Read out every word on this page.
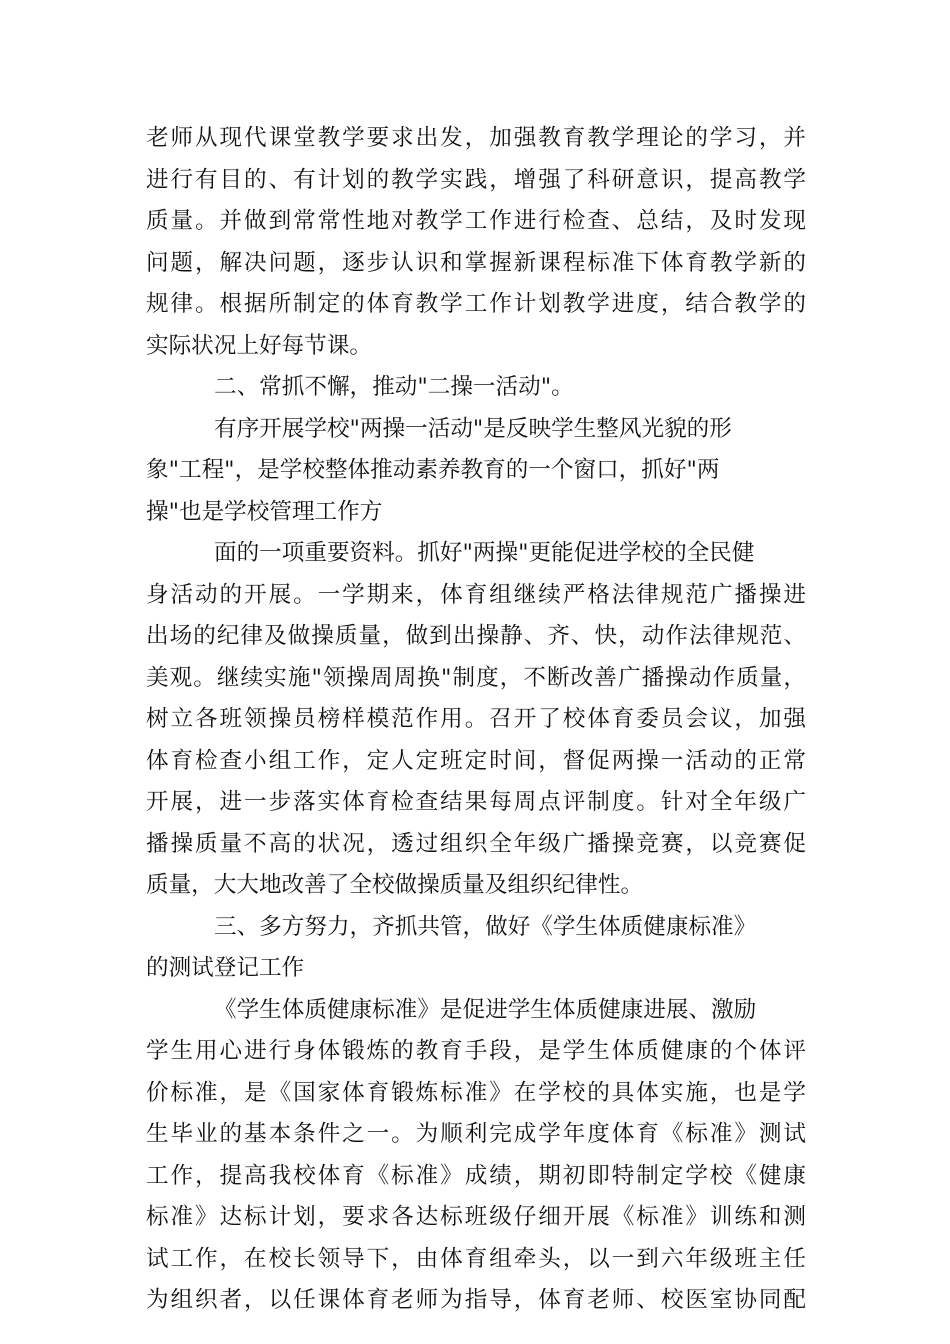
老师从现代课堂教学要求出发，加强教育教学理论的学习，并
进行有目的、有计划的教学实践，增强了科研意识，提高教学
质量。并做到常常性地对教学工作进行检查、总结，及时发现
问题，解决问题，逐步认识和掌握新课程标准下体育教学新的
规律。根据所制定的体育教学工作计划教学进度，结合教学的
实际状况上好每节课。
二、常抓不懈，推动"二操一活动"。
有序开展学校"两操一活动"是反映学生整风光貌的形
象"工程"，是学校整体推动素养教育的一个窗口，抓好"两
操"也是学校管理工作方
面的一项重要资料。抓好"两操"更能促进学校的全民健
身活动的开展。一学期来，体育组继续严格法律规范广播操进
出场的纪律及做操质量，做到出操静、齐、快，动作法律规范、
美观。继续实施"领操周周换"制度，不断改善广播操动作质量，
树立各班领操员榜样模范作用。召开了校体育委员会议，加强
体育检查小组工作，定人定班定时间，督促两操一活动的正常
开展，进一步落实体育检查结果每周点评制度。针对全年级广
播操质量不高的状况，透过组织全年级广播操竞赛，以竞赛促
质量，大大地改善了全校做操质量及组织纪律性。
三、多方努力，齐抓共管，做好《学生体质健康标准》
的测试登记工作
《学生体质健康标准》是促进学生体质健康进展、激励
学生用心进行身体锻炼的教育手段，是学生体质健康的个体评
价标准，是《国家体育锻炼标准》在学校的具体实施，也是学
生毕业的基本条件之一。为顺利完成学年度体育《标准》测试
工作，提高我校体育《标准》成绩，期初即特制定学校《健康
标准》达标计划，要求各达标班级仔细开展《标准》训练和测
试工作，在校长领导下，由体育组牵头，以一到六年级班主任
为组织者，以任课体育老师为指导，体育老师、校医室协同配
